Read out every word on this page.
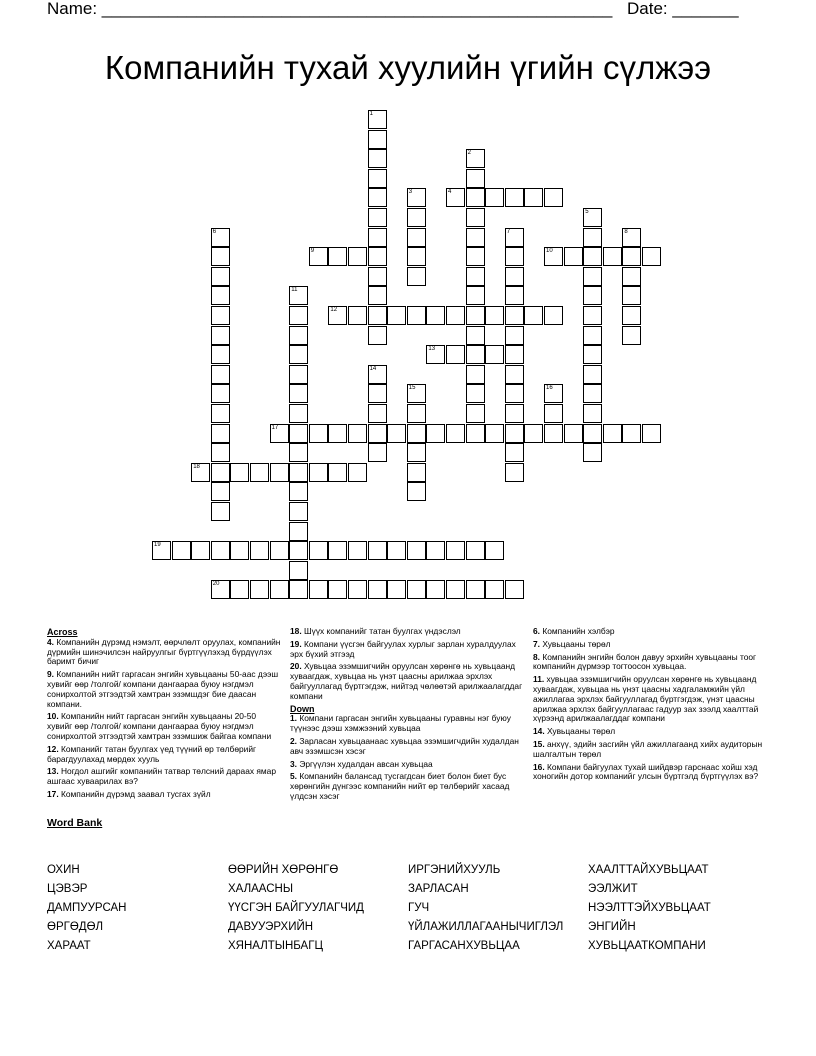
Name: ______________________________________________________ Date: _______
Компанийн тухай хуулийн үгийн сүлжээ
1
2
3	4
5
6	7	8
9	10
11
12
13
14
15	16
17
18
19
20
Across
4. Компанийн дүрэмд нэмэлт, өөрчлөлт оруулах, компанийн дүрмийн шинэчилсэн найруулгыг бүртгүүлэхэд бүрдүүлэх баримт бичиг
9. Компанийн нийт гаргасан энгийн хувьцааны 50-аас дээш хувийг өөр /толгой/ компани дангаараа буюу нэгдмэл сонирхолтой этгээдтэй хамтран эзэмшдэг бие даасан компани.
10. Компанийн нийт гаргасан энгийн хувьцааны 20-50 хувийг өөр /толгой/ компани дангаараа буюу нэгдмэл сонирхолтой этгээдтэй хамтран эзэмшиж байгаа компани
12. Компанийг татан буулгах үед түүний өр төлбөрийг барагдуулахад мөрдөх хууль
13. Ногдол ашгийг компанийн татвар төлсний дараах ямар ашгаас хуваарилах вэ?
17. Компанийн дүрэмд заавал тусгах зүйл
18. Шүүх компанийг татан буулгах үндэслэл
19. Компани үүсгэн байгуулах хурлыг зарлан хуралдуулах эрх бүхий этгээд
20. Хувьцаа эзэмшигчийн оруулсан хөрөнгө нь хувьцаанд хуваагдаж, хувьцаа нь үнэт цаасны арилжаа эрхлэх байгууллагад бүртгэгдэж, нийтэд чөлөөтэй арилжаалагддаг компани
Down
1. Компани гаргасан энгийн хувьцааны гуравны нэг буюу түүнээс дээш хэмжээний хувьцаа
2. Зарласан хувьцаанаас хувьцаа эзэмшигчдийн худалдан авч эзэмшсэн хэсэг
3. Эргүүлэн худалдан авсан хувьцаа
5. Компанийн балансад тусгагдсан биет болон биет бус хөрөнгийн дүнгээс компанийн нийт өр төлбөрийг хасаад үлдсэн хэсэг
6. Компанийн хэлбэр
7. Хувьцааны төрөл
8. Компанийн энгийн болон давуу эрхийн хувьцааны тоог компанийн дүрмээр тогтоосон хувьцаа.
11. хувьцаа эзэмшигчийн оруулсан хөрөнгө нь хувьцаанд хуваагдаж, хувьцаа нь үнэт цаасны хадгаламжийн үйл ажиллагаа эрхлэх байгууллагад бүртгэгдэж, үнэт цаасны арилжаа эрхлэх байгууллагаас гадуур зах зээлд хаалттай хүрээнд арилжаалагддаг компани
14. Хувьцааны төрөл
15. анхүү, эдийн засгийн үйл ажиллагаанд хийх аудиторын шалгалтын төрөл
16. Компани байгуулах тухай шийдвэр гарснаас хойш хэд хоногийн дотор компанийг улсын бүртгэлд бүртгүүлэх вэ?
Word Bank
ОХИН
ЦЭВЭР
ДАМПУУРСАН
ӨРГӨДӨЛ
ХАРААТ
ӨӨРИЙН ХӨРӨНГӨ
ХАЛААСНЫ
ҮҮСГЭН БАЙГУУЛАГЧИД
ДАВУУЭРХИЙН
ХЯНАЛТЫНБАГЦ
ИРГЭНИЙХУУЛЬ
ЗАРЛАСАН
ГУЧ
ҮЙЛАЖИЛЛАГААНЫЧИГЛЭЛ
ГАРГАСАНХУВЬЦАА
ХААЛТТАЙХУВЬЦААТ
ЭЭЛЖИТ
НЭЭЛТТЭЙХУВЬЦААТ
ЭНГИЙН
ХУВЬЦААТКОМПАНИ
